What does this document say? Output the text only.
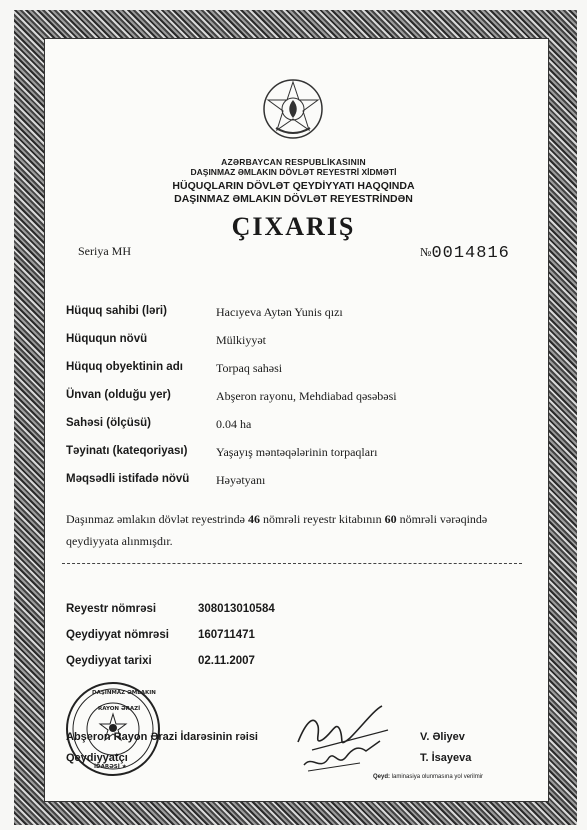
AZƏRBAYCAN RESPUBLİKASININ
DAŞINMAZ ƏMLAKIN DÖVLƏT REYESTRİ XİDMƏTİ
HÜQUQLARIN DÖVLƏT QEYDİYYATI HAQQINDA
DAŞINMAZ ƏMLAKIN DÖVLƏT REYESTRİNDƏN
ÇIXARIŞ
Seriya MH	№0014816
Hüquq sahibi (ləri)	Hacıyeva Aytən Yunis qızı
Hüququn növü	Mülkiyyət
Hüquq obyektinin adı	Torpaq sahəsi
Ünvan (olduğu yer)	Abşeron rayonu, Mehdiabad qəsəbəsi
Sahəsi (ölçüsü)	0.04 ha
Təyinatı (kateqoriyası)	Yaşayış məntəqələrinin torpaqları
Məqsədli istifadə növü	Həyətyanı
Daşınmaz əmlakın dövlət reyestrində 46 nömrəli reyestr kitabının 60 nömrəli vərəqində qeydiyyata alınmışdır.
Reyestr nömrəsi	308013010584
Qeydiyyat nömrəsi	160711471
Qeydiyyat tarixi	02.11.2007
DAŞINMAZ ƏMLAKIN
RAYON ƏRAZİ
İDARƏSİ ★
Abşeron Rayon Ərazi İdarəsinin rəisi	V. Əliyev
Qeydiyyatçı	T. İsayeva
Qeyd: laminasiya olunmasına yol verilmir
